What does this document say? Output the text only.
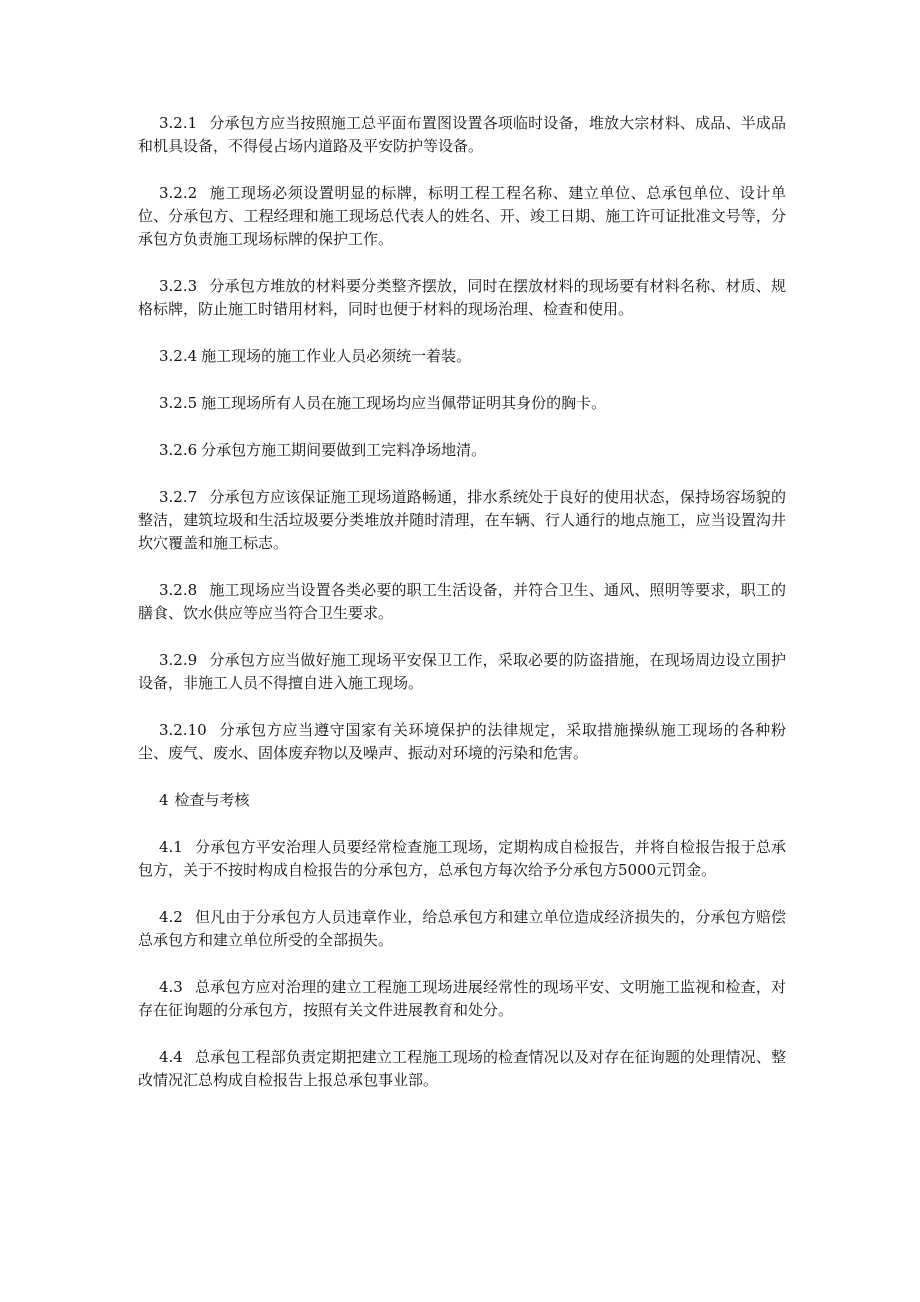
3.2.1 分承包方应当按照施工总平面布置图设置各项临时设备，堆放大宗材料、成品、半成品和机具设备，不得侵占场内道路及平安防护等设备。

3.2.2 施工现场必须设置明显的标牌，标明工程工程名称、建立单位、总承包单位、设计单位、分承包方、工程经理和施工现场总代表人的姓名、开、竣工日期、施工许可证批准文号等，分承包方负责施工现场标牌的保护工作。

3.2.3 分承包方堆放的材料要分类整齐摆放，同时在摆放材料的现场要有材料名称、材质、规格标牌，防止施工时错用材料，同时也便于材料的现场治理、检查和使用。

3.2.4 施工现场的施工作业人员必须统一着装。

3.2.5 施工现场所有人员在施工现场均应当佩带证明其身份的胸卡。

3.2.6 分承包方施工期间要做到工完料净场地清。

3.2.7 分承包方应该保证施工现场道路畅通，排水系统处于良好的使用状态，保持场容场貌的整洁，建筑垃圾和生活垃圾要分类堆放并随时清理，在车辆、行人通行的地点施工，应当设置沟井坎穴覆盖和施工标志。

3.2.8 施工现场应当设置各类必要的职工生活设备，并符合卫生、通风、照明等要求，职工的膳食、饮水供应等应当符合卫生要求。

3.2.9 分承包方应当做好施工现场平安保卫工作，采取必要的防盗措施，在现场周边设立围护设备，非施工人员不得擅自进入施工现场。

3.2.10 分承包方应当遵守国家有关环境保护的法律规定，采取措施操纵施工现场的各种粉尘、废气、废水、固体废弃物以及噪声、振动对环境的污染和危害。

4 检查与考核

4.1 分承包方平安治理人员要经常检查施工现场，定期构成自检报告，并将自检报告报于总承包方，关于不按时构成自检报告的分承包方，总承包方每次给予分承包方5000元罚金。

4.2 但凡由于分承包方人员违章作业，给总承包方和建立单位造成经济损失的，分承包方赔偿总承包方和建立单位所受的全部损失。

4.3 总承包方应对治理的建立工程施工现场进展经常性的现场平安、文明施工监视和检查，对存在征询题的分承包方，按照有关文件进展教育和处分。

4.4 总承包工程部负责定期把建立工程施工现场的检查情况以及对存在征询题的处理情况、整改情况汇总构成自检报告上报总承包事业部。
